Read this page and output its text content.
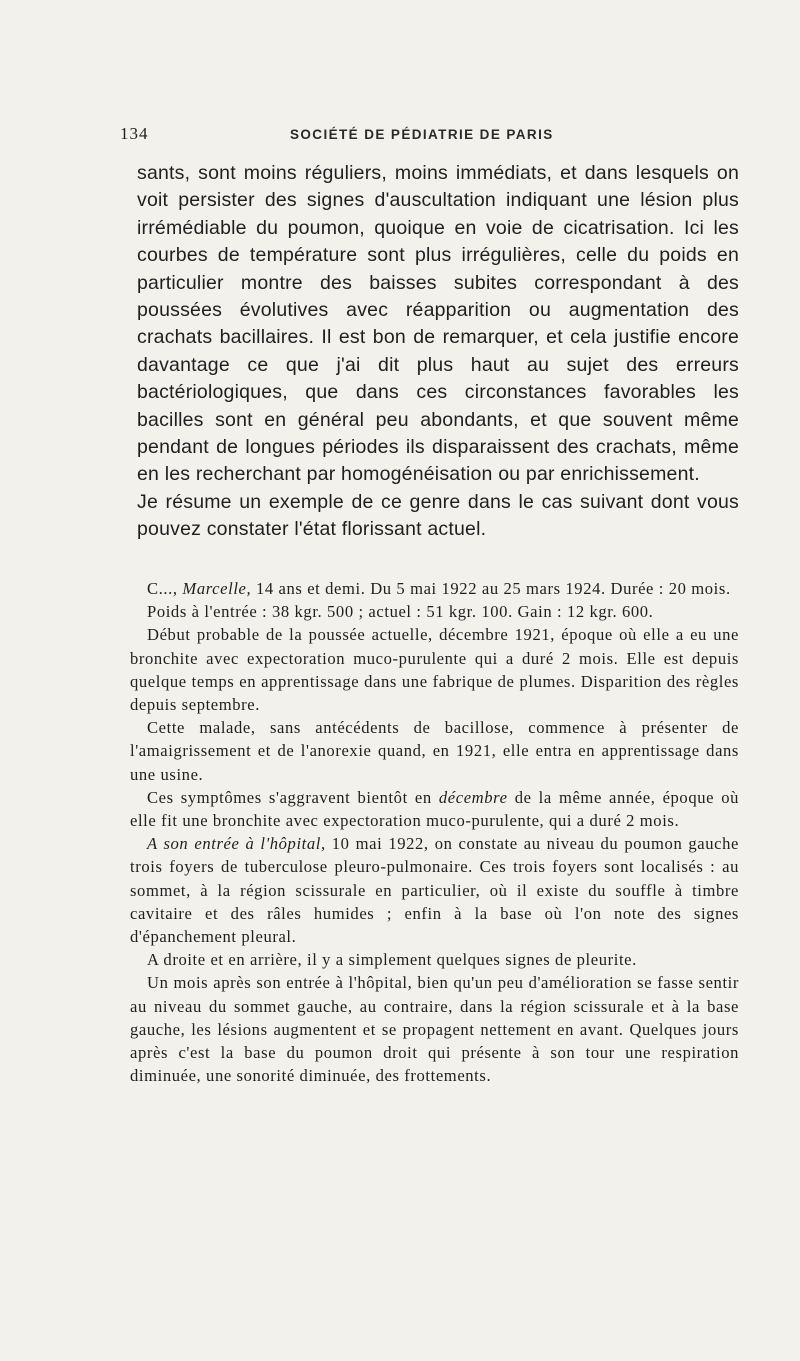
134	SOCIÉTÉ DE PÉDIATRIE DE PARIS

sants, sont moins réguliers, moins immédiats, et dans lesquels on voit persister des signes d'auscultation indiquant une lésion plus irrémédiable du poumon, quoique en voie de cicatrisation. Ici les courbes de température sont plus irrégulières, celle du poids en particulier montre des baisses subites correspondant à des poussées évolutives avec réapparition ou augmentation des crachats bacillaires. Il est bon de remarquer, et cela justifie encore davantage ce que j'ai dit plus haut au sujet des erreurs bactériologiques, que dans ces circonstances favorables les bacilles sont en général peu abondants, et que souvent même pendant de longues périodes ils disparaissent des crachats, même en les recherchant par homogénéisation ou par enrichissement.

Je résume un exemple de ce genre dans le cas suivant dont vous pouvez constater l'état florissant actuel.

C..., Marcelle, 14 ans et demi. Du 5 mai 1922 au 25 mars 1924. Durée : 20 mois.

Poids à l'entrée : 38 kgr. 500 ; actuel : 51 kgr. 100. Gain : 12 kgr. 600.

Début probable de la poussée actuelle, décembre 1921, époque où elle a eu une bronchite avec expectoration muco-purulente qui a duré 2 mois. Elle est depuis quelque temps en apprentissage dans une fabrique de plumes. Disparition des règles depuis septembre.

Cette malade, sans antécédents de bacillose, commence à présenter de l'amaigrissement et de l'anorexie quand, en 1921, elle entra en apprentissage dans une usine.

Ces symptômes s'aggravent bientôt en décembre de la même année, époque où elle fit une bronchite avec expectoration muco-purulente, qui a duré 2 mois.

A son entrée à l'hôpital, 10 mai 1922, on constate au niveau du poumon gauche trois foyers de tuberculose pleuro-pulmonaire. Ces trois foyers sont localisés : au sommet, à la région scissurale en particulier, où il existe du souffle à timbre cavitaire et des râles humides ; enfin à la base où l'on note des signes d'épanchement pleural.

A droite et en arrière, il y a simplement quelques signes de pleurite.

Un mois après son entrée à l'hôpital, bien qu'un peu d'amélioration se fasse sentir au niveau du sommet gauche, au contraire, dans la région scissurale et à la base gauche, les lésions augmentent et se propagent nettement en avant. Quelques jours après c'est la base du poumon droit qui présente à son tour une respiration diminuée, une sonorité diminuée, des frottements.
